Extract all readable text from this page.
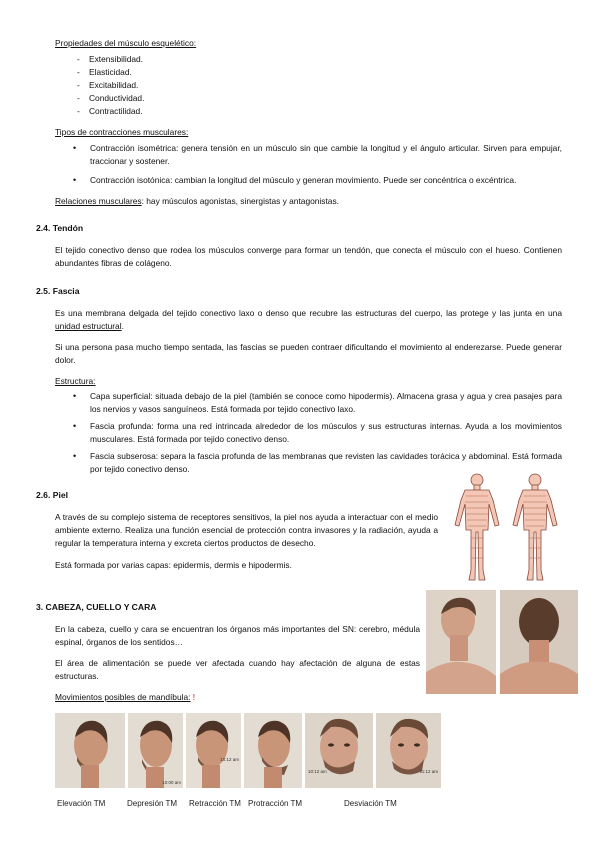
Propiedades del músculo esquelético:
- Extensibilidad.
- Elasticidad.
- Excitabilidad.
- Conductividad.
- Contractilidad.
Tipos de contracciones musculares:
• Contracción isométrica: genera tensión en un músculo sin que cambie la longitud y el ángulo articular. Sirven para empujar, traccionar y sostener.
• Contracción isotónica: cambian la longitud del músculo y generan movimiento. Puede ser concéntrica o excéntrica.
Relaciones musculares: hay músculos agonistas, sinergistas y antagonistas.
2.4. Tendón
El tejido conectivo denso que rodea los músculos converge para formar un tendón, que conecta el músculo con el hueso. Contienen abundantes fibras de colágeno.
2.5. Fascia
Es una membrana delgada del tejido conectivo laxo o denso que recubre las estructuras del cuerpo, las protege y las junta en una unidad estructural.
Si una persona pasa mucho tiempo sentada, las fascias se pueden contraer dificultando el movimiento al enderezarse. Puede generar dolor.
Estructura:
• Capa superficial: situada debajo de la piel (también se conoce como hipodermis). Almacena grasa y agua y crea pasajes para los nervios y vasos sanguíneos. Está formada por tejido conectivo laxo.
• Fascia profunda: forma una red intrincada alrededor de los músculos y sus estructuras internas. Ayuda a los movimientos musculares. Está formada por tejido conectivo denso.
• Fascia subserosa: separa la fascia profunda de las membranas que revisten las cavidades torácica y abdominal. Está formada por tejido conectivo denso.
2.6. Piel
A través de su complejo sistema de receptores sensitivos, la piel nos ayuda a interactuar con el medio ambiente externo. Realiza una función esencial de protección contra invasores y la radiación, ayuda a regular la temperatura interna y excreta ciertos productos de desecho.
Está formada por varias capas: epidermis, dermis e hipodermis.
3. CABEZA, CUELLO Y CARA
En la cabeza, cuello y cara se encuentran los órganos más importantes del SN: cerebro, médula espinal, órganos de los sentidos…
El área de alimentación se puede ver afectada cuando hay afectación de alguna de estas estructuras.
Movimientos posibles de mandíbula: !
10:00 am
10:12 am
10:12 am	11:12 am
Elevación TM	Depresión TM Retracción TM Protracción TM	Desviación TM
